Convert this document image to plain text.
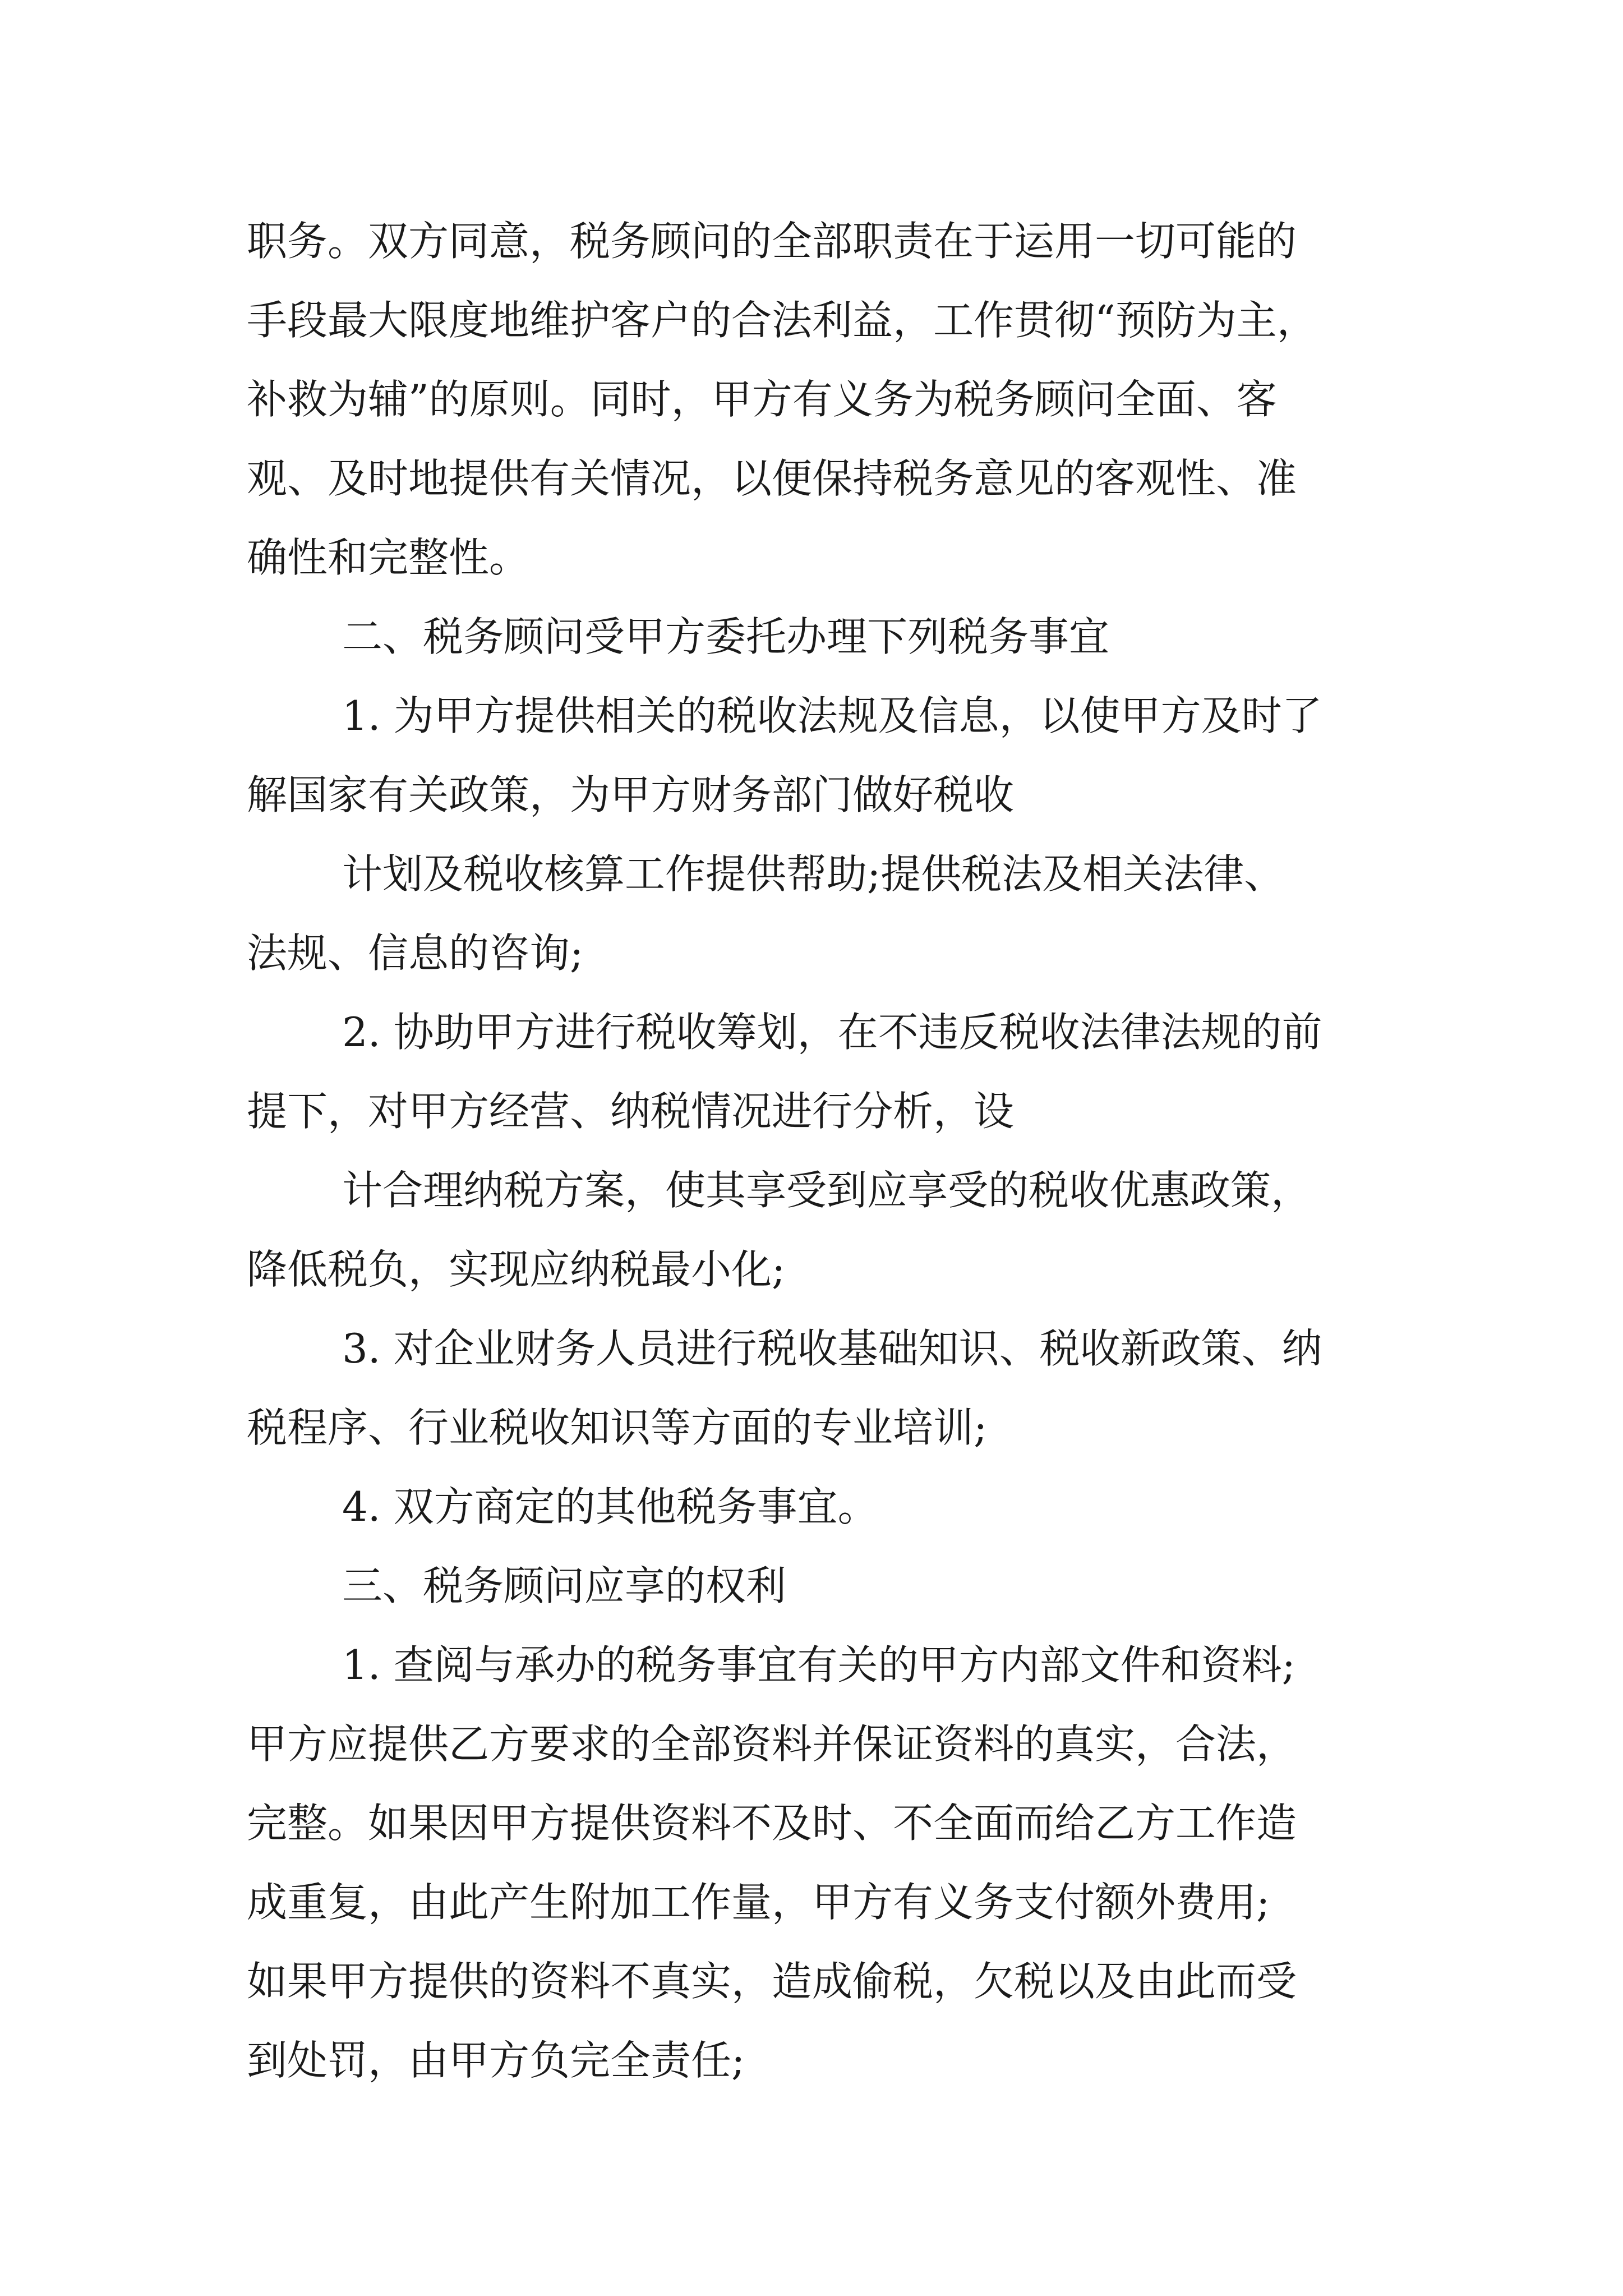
职务。双方同意，税务顾问的全部职责在于运用一切可能的
手段最大限度地维护客户的合法利益，工作贯彻“预防为主，
补救为辅”的原则。同时，甲方有义务为税务顾问全面、客
观、及时地提供有关情况，以便保持税务意见的客观性、准
确性和完整性。
二、税务顾问受甲方委托办理下列税务事宜
1. 为甲方提供相关的税收法规及信息，以使甲方及时了
解国家有关政策，为甲方财务部门做好税收
计划及税收核算工作提供帮助;提供税法及相关法律、
法规、信息的咨询;
2. 协助甲方进行税收筹划，在不违反税收法律法规的前
提下，对甲方经营、纳税情况进行分析，设
计合理纳税方案，使其享受到应享受的税收优惠政策，
降低税负，实现应纳税最小化;
3. 对企业财务人员进行税收基础知识、税收新政策、纳
税程序、行业税收知识等方面的专业培训;
4. 双方商定的其他税务事宜。
三、税务顾问应享的权利
1. 查阅与承办的税务事宜有关的甲方内部文件和资料;
甲方应提供乙方要求的全部资料并保证资料的真实，合法，
完整。如果因甲方提供资料不及时、不全面而给乙方工作造
成重复，由此产生附加工作量，甲方有义务支付额外费用;
如果甲方提供的资料不真实，造成偷税，欠税以及由此而受
到处罚，由甲方负完全责任;
